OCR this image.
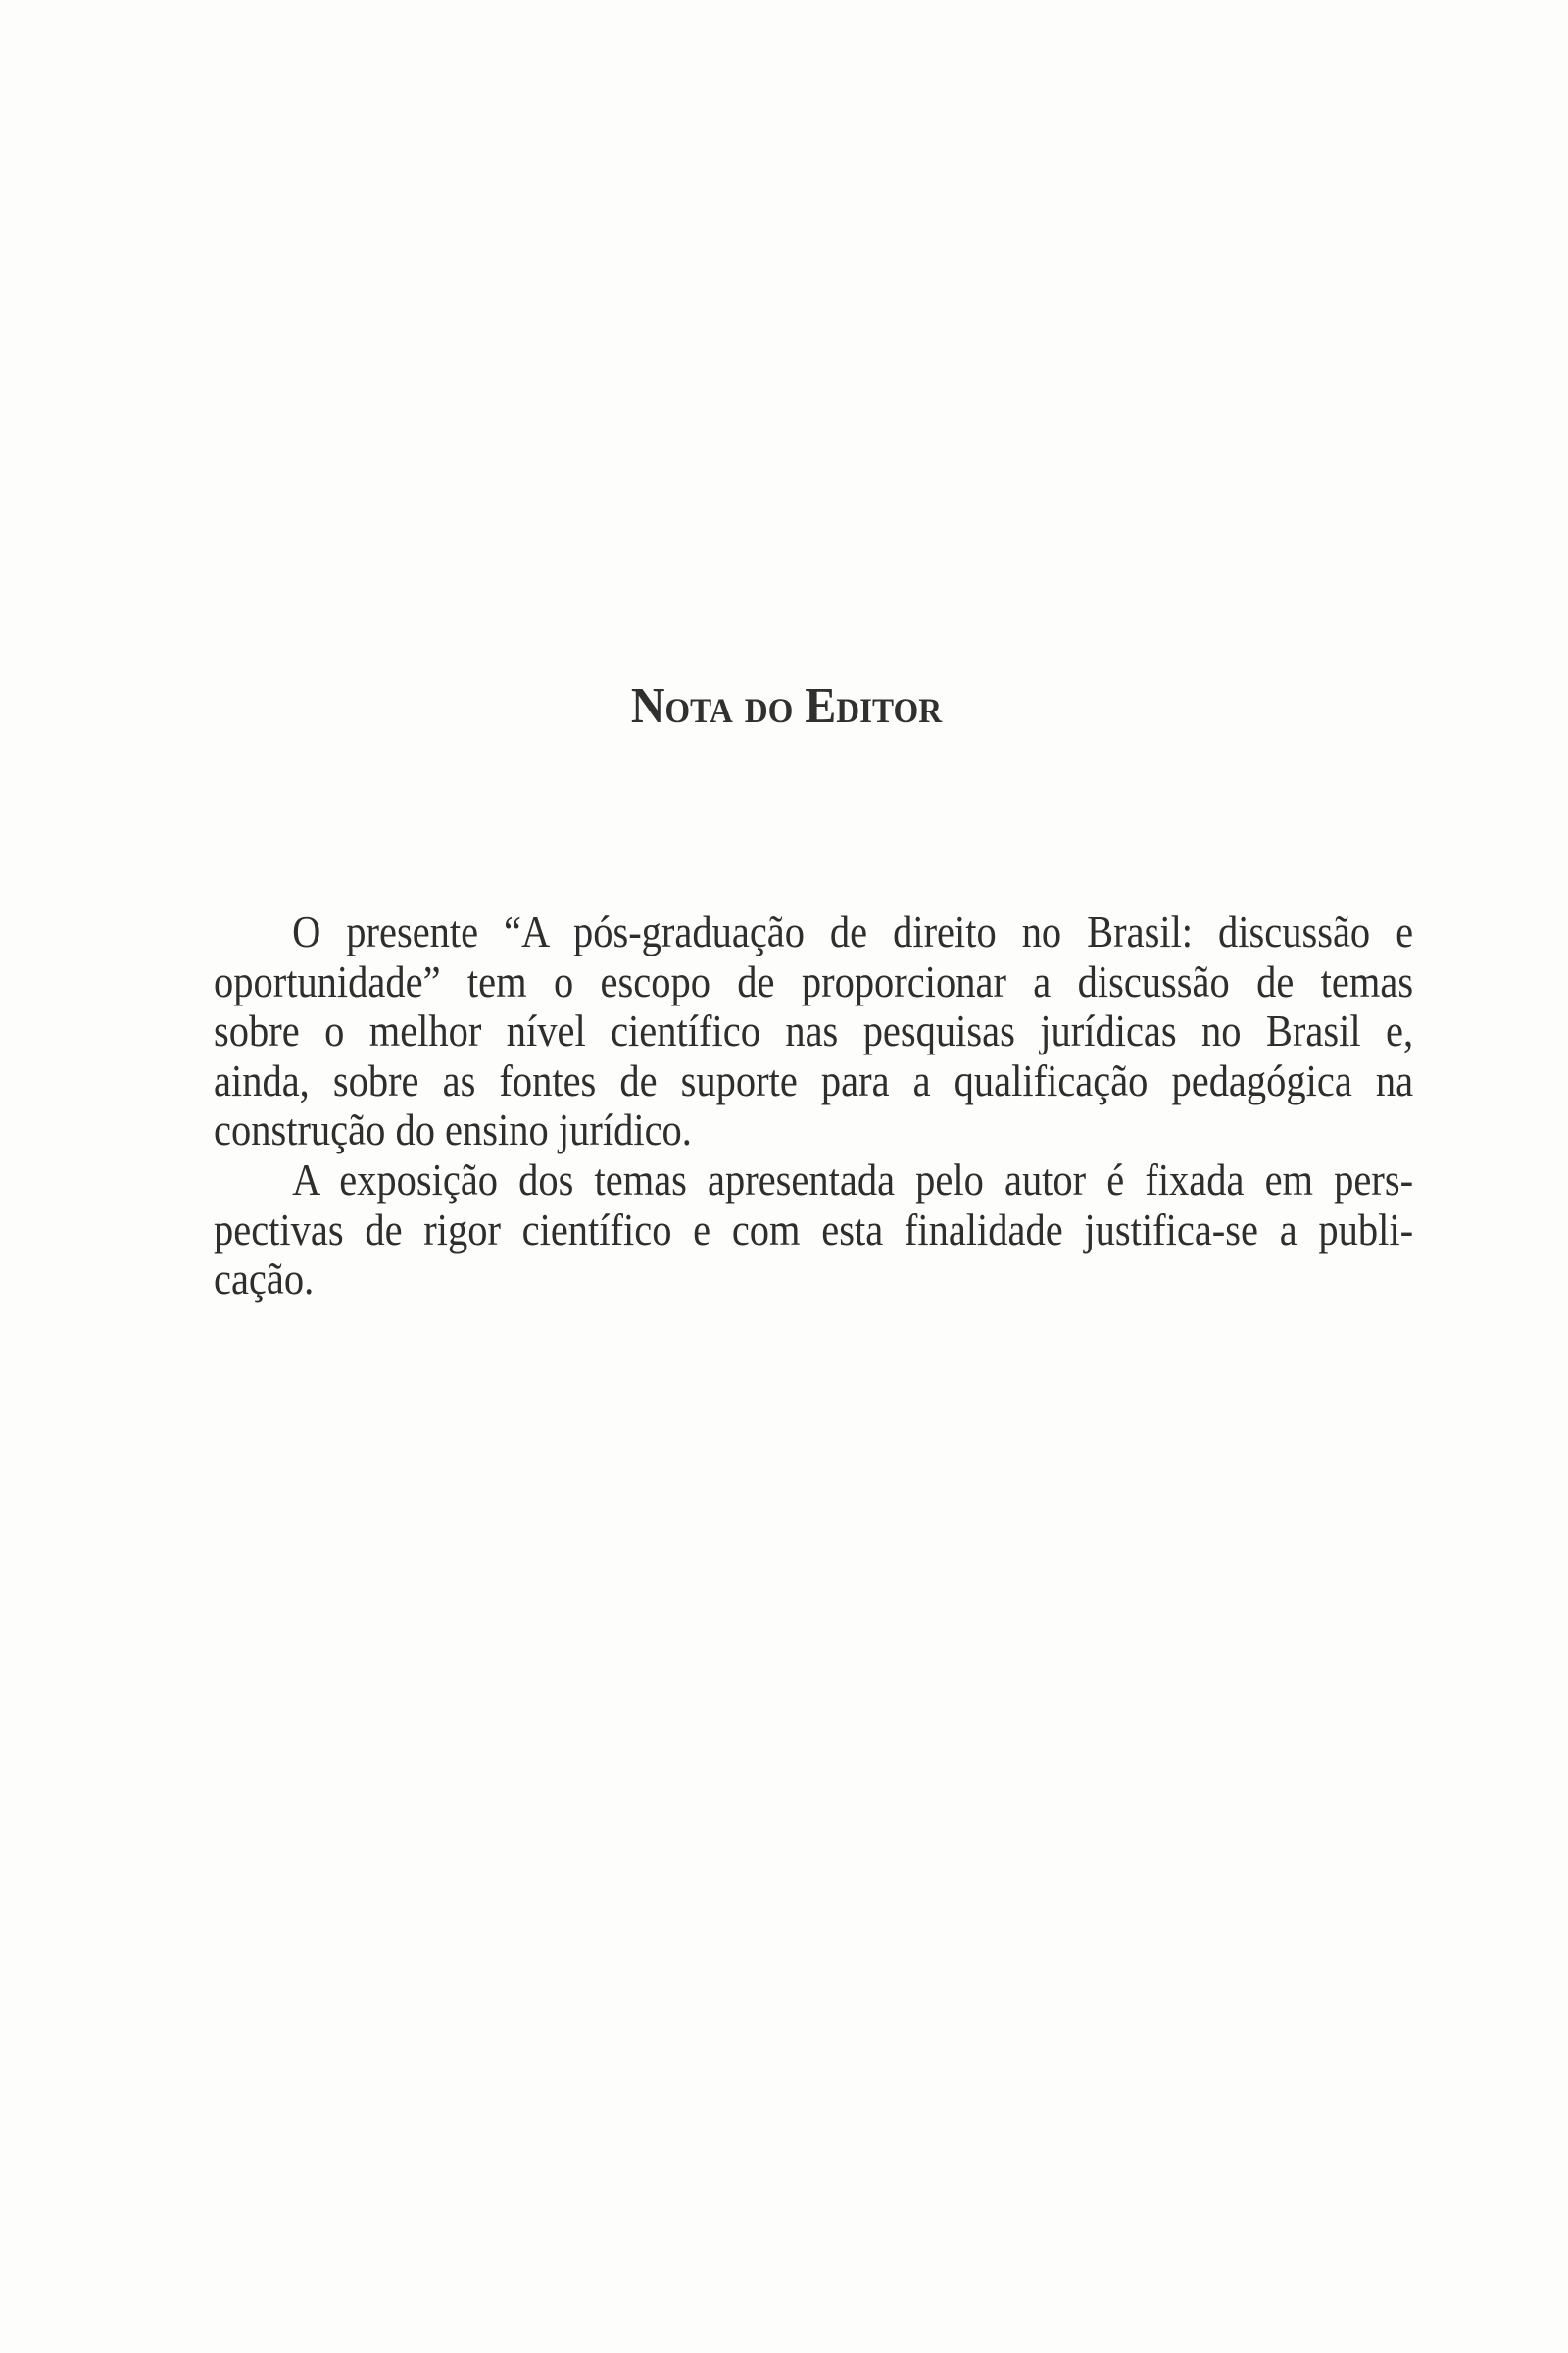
Nota do Editor
O presente “A pós-graduação de direito no Brasil: discussão e
oportunidade” tem o escopo de proporcionar a discussão de temas
sobre o melhor nível científico nas pesquisas jurídicas no Brasil e,
ainda, sobre as fontes de suporte para a qualificação pedagógica na
construção do ensino jurídico.
A exposição dos temas apresentada pelo autor é fixada em pers-
pectivas de rigor científico e com esta finalidade justifica-se a publi-
cação.
